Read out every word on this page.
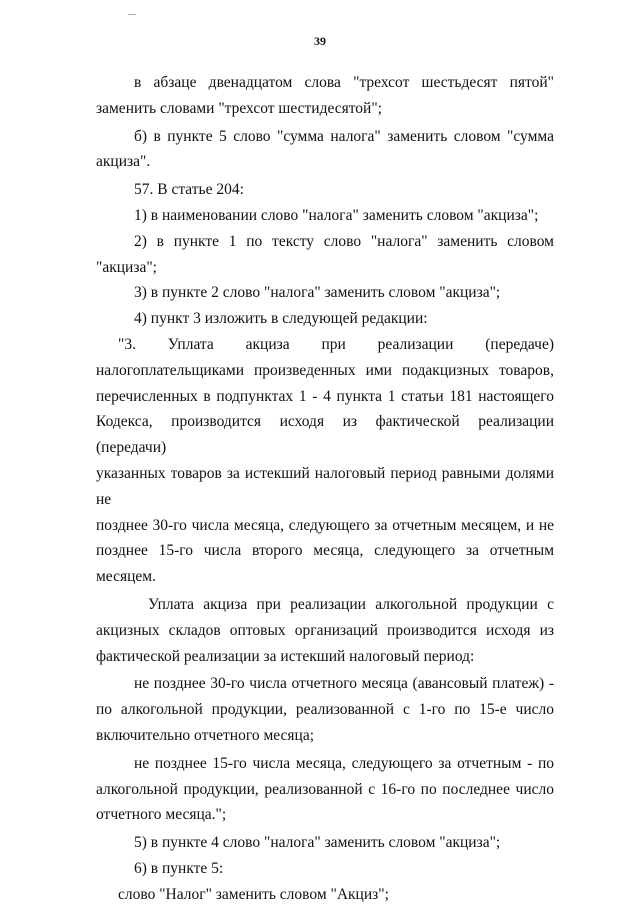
39

в абзаце двенадцатом слова "трехсот шестьдесят пятой"

заменить словами "трехсот шестидесятой";

б) в пункте 5 слово "сумма налога" заменить словом "сумма

акциза".

57. В статье 204:

1) в наименовании слово "налога" заменить словом "акциза";

2) в пункте 1 по тексту слово "налога" заменить словом "акциза";

3) в пункте 2 слово "налога" заменить словом "акциза";

4) пункт 3 изложить в следующей редакции:

"3. Уплата акциза при реализации (передаче)

налогоплательщиками произведенных ими подакцизных товаров,

перечисленных в подпунктах 1 - 4 пункта 1 статьи 181 настоящего

Кодекса, производится исходя из фактической реализации (передачи)

указанных товаров за истекший налоговый период равными долями не

позднее 30-го числа месяца, следующего за отчетным месяцем, и не

позднее 15-го числа второго месяца, следующего за отчетным

месяцем.

Уплата акциза при реализации алкогольной продукции с

акцизных складов оптовых организаций производится исходя из

фактической реализации за истекший налоговый период:

не позднее 30-го числа отчетного месяца (авансовый платеж) -

по алкогольной продукции, реализованной с 1-го по 15-е число

включительно отчетного месяца;

не позднее 15-го числа месяца, следующего за отчетным - по

алкогольной продукции, реализованной с 16-го по последнее число

отчетного месяца.";

5) в пункте 4 слово "налога" заменить словом "акциза";

6) в пункте 5:

слово "Налог" заменить словом "Акциз";
